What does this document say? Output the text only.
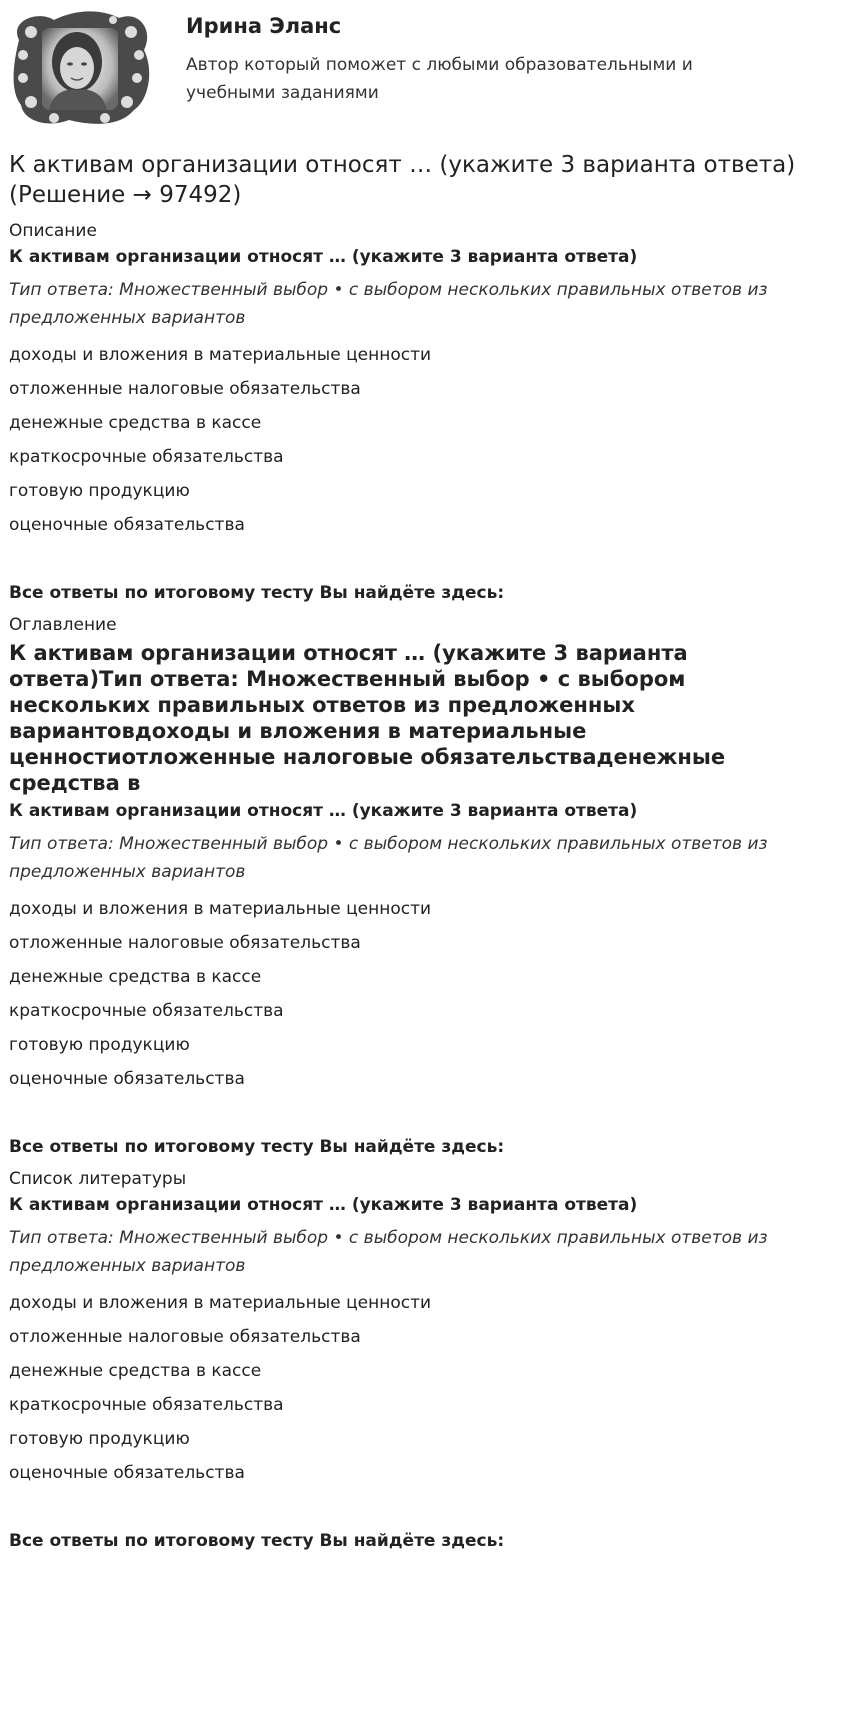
Ирина Эланс

Автор который поможет с любыми образовательными и учебными заданиями

К активам организации относят … (укажите 3 варианта ответа) (Решение → 97492)

Описание

К активам организации относят … (укажите 3 варианта ответа)

Тип ответа: Множественный выбор • с выбором нескольких правильных ответов из предложенных вариантов

доходы и вложения в материальные ценности

отложенные налоговые обязательства

денежные средства в кассе

краткосрочные обязательства

готовую продукцию

оценочные обязательства

Все ответы по итоговому тесту Вы найдёте здесь:

Оглавление

К активам организации относят … (укажите 3 варианта ответа)Тип ответа: Множественный выбор • с выбором нескольких правильных ответов из предложенных вариантовдоходы и вложения в материальные ценностиотложенные налоговые обязательстваденежные средства в

К активам организации относят … (укажите 3 варианта ответа)

Тип ответа: Множественный выбор • с выбором нескольких правильных ответов из предложенных вариантов

доходы и вложения в материальные ценности

отложенные налоговые обязательства

денежные средства в кассе

краткосрочные обязательства

готовую продукцию

оценочные обязательства

Все ответы по итоговому тесту Вы найдёте здесь:

Список литературы

К активам организации относят … (укажите 3 варианта ответа)

Тип ответа: Множественный выбор • с выбором нескольких правильных ответов из предложенных вариантов

доходы и вложения в материальные ценности

отложенные налоговые обязательства

денежные средства в кассе

краткосрочные обязательства

готовую продукцию

оценочные обязательства

Все ответы по итоговому тесту Вы найдёте здесь:
